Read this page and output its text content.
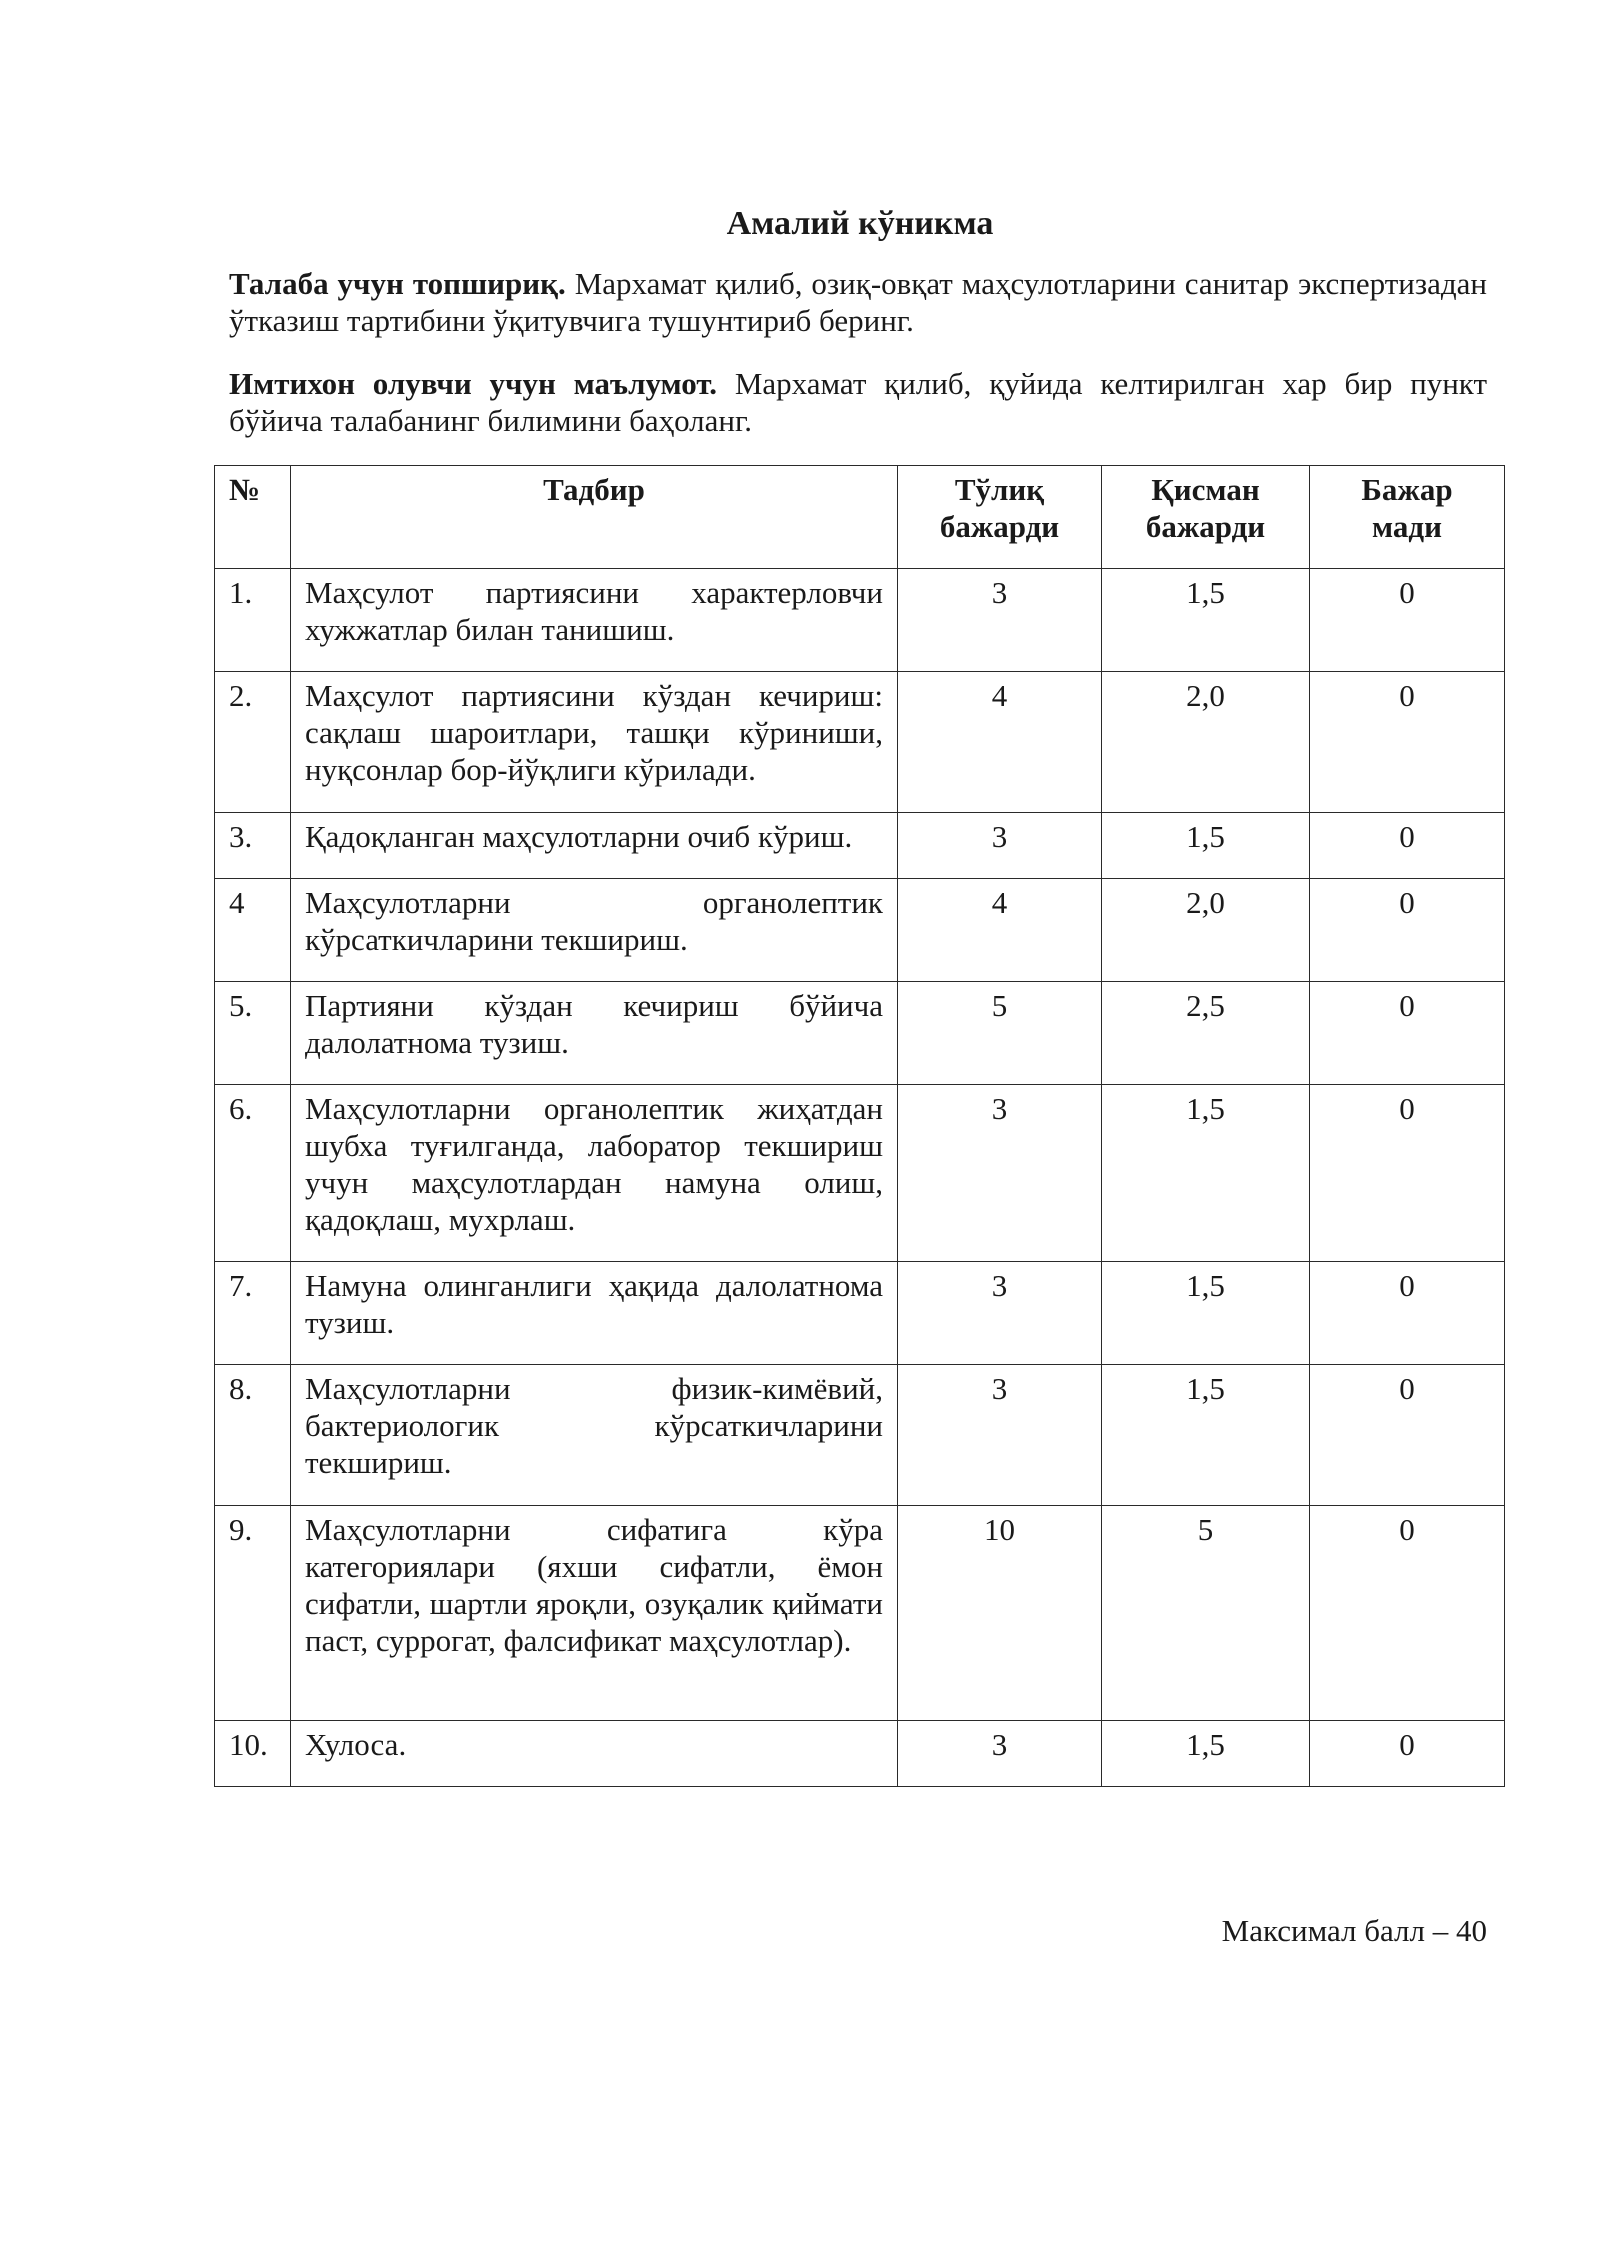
Амалий кўникма
Талаба учун топшириқ. Мархамат қилиб, озиқ-овқат маҳсулотларини санитар экспертизадан ўтказиш тартибини ўқитувчига тушунтириб беринг.
Имтихон олувчи учун маълумот. Мархамат қилиб, қуйида келтирилган хар бир пункт бўйича талабанинг билимини баҳоланг.
№	Тадбир	Тўлиқ бажарди	Қисман бажарди	Бажар мади
1.	Маҳсулот партиясини характерловчи хужжатлар билан танишиш.	3	1,5	0
2.	Маҳсулот партиясини кўздан кечириш: сақлаш шароитлари, ташқи кўриниши, нуқсонлар бор-йўқлиги кўрилади.	4	2,0	0
3.	Қадоқланган маҳсулотларни очиб кўриш.	3	1,5	0
4	Маҳсулотларни органолептик кўрсаткичларини текшириш.	4	2,0	0
5.	Партияни кўздан кечириш бўйича далолатнома тузиш.	5	2,5	0
6.	Маҳсулотларни органолептик жиҳатдан шубха туғилганда, лаборатор текшириш учун маҳсулотлардан намуна олиш, қадоқлаш, мухрлаш.	3	1,5	0
7.	Намуна олинганлиги ҳақида далолатнома тузиш.	3	1,5	0
8.	Маҳсулотларни физик-кимёвий, бактериологик кўрсаткичларини текшириш.	3	1,5	0
9.	Маҳсулотларни сифатига кўра категориялари (яхши сифатли, ёмон сифатли, шартли яроқли, озуқалик қиймати паст, суррогат, фалсификат маҳсулотлар).	10	5	0
10.	Хулоса.	3	1,5	0
Максимал балл – 40
